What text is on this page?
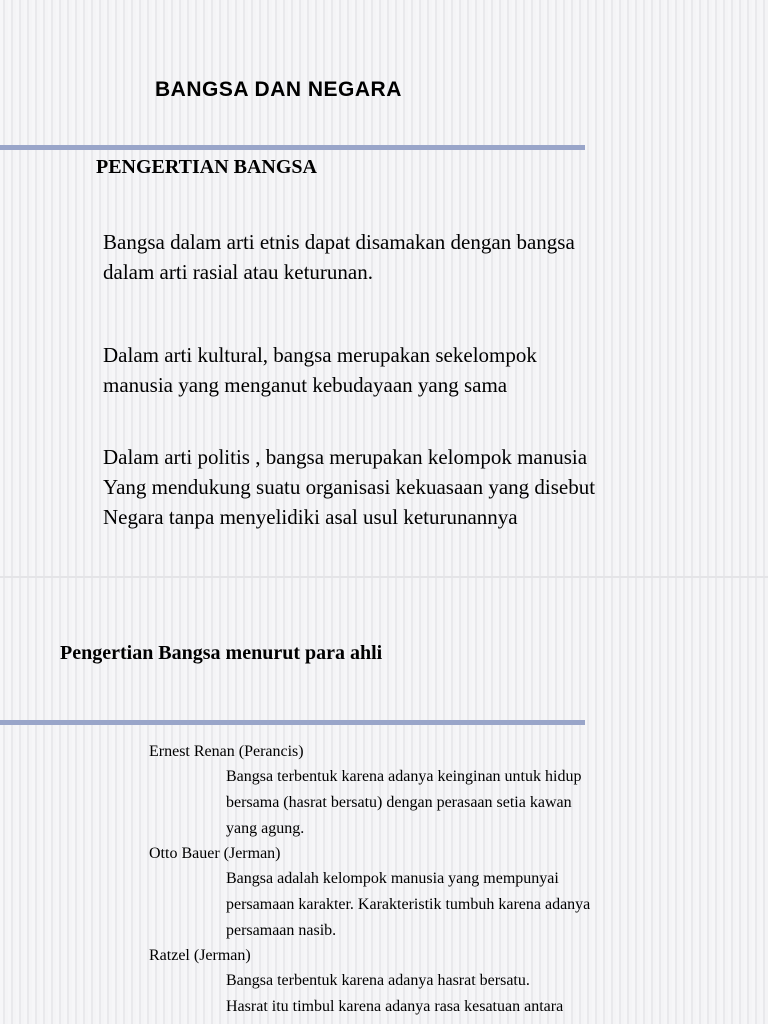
BANGSA DAN NEGARA
PENGERTIAN BANGSA

Bangsa dalam arti etnis dapat disamakan dengan bangsa
dalam arti rasial atau keturunan.

Dalam arti kultural, bangsa merupakan sekelompok
manusia yang menganut kebudayaan yang sama

Dalam arti politis , bangsa merupakan kelompok manusia
Yang mendukung suatu organisasi kekuasaan yang disebut
Negara tanpa menyelidiki asal usul keturunannya

Pengertian Bangsa menurut para ahli
Ernest Renan (Perancis)

Bangsa terbentuk karena adanya keinginan untuk hidup
bersama (hasrat bersatu) dengan perasaan setia kawan
yang agung.

Otto Bauer (Jerman)

Bangsa adalah kelompok manusia yang mempunyai
persamaan karakter. Karakteristik tumbuh karena adanya
persamaan nasib.

Ratzel (Jerman)

Bangsa terbentuk karena adanya hasrat bersatu.
Hasrat itu timbul karena adanya rasa kesatuan antara
